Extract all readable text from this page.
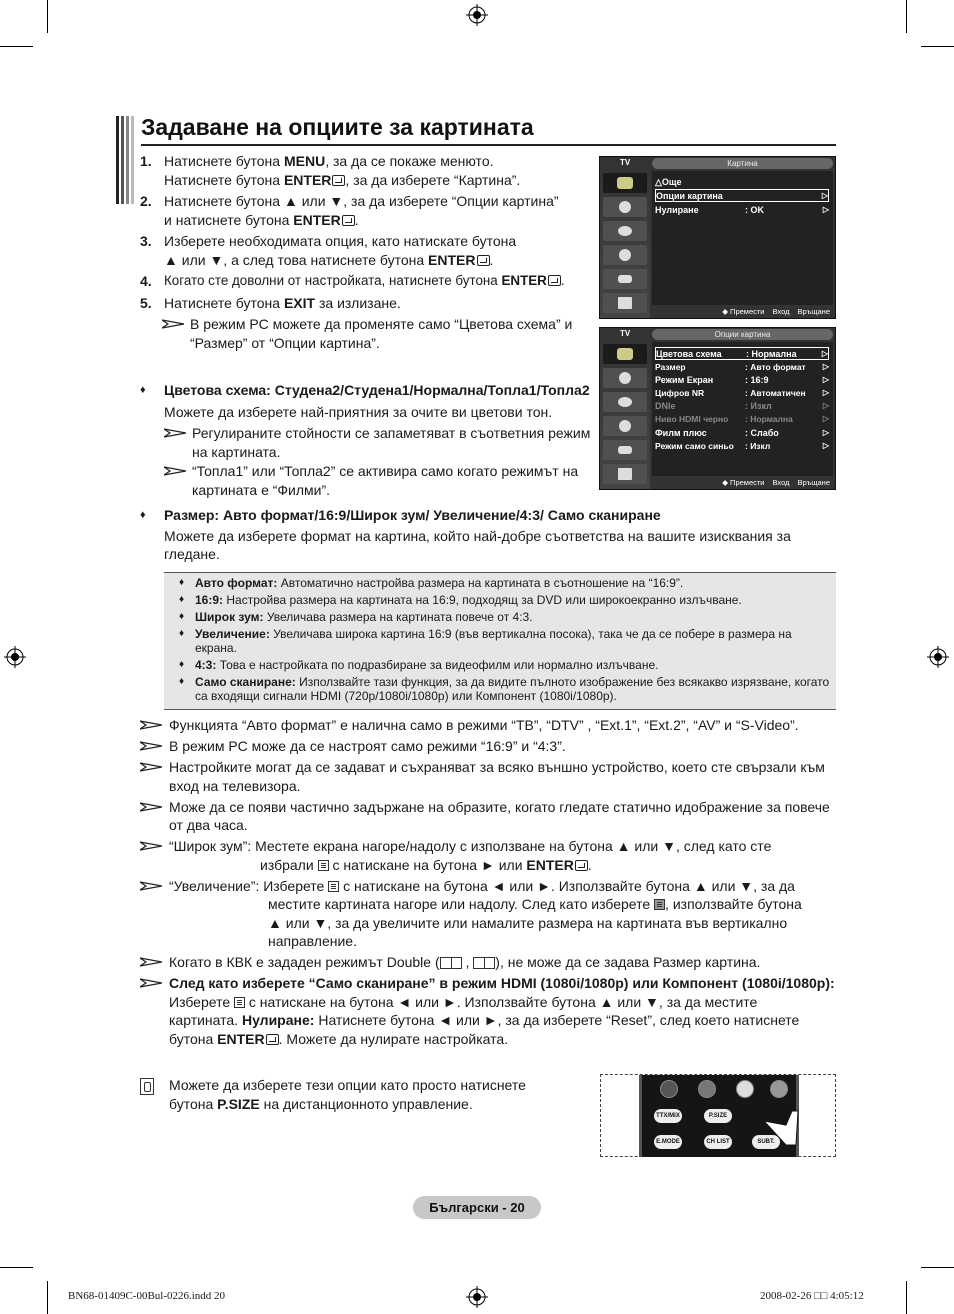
Задаване на опциите за картината
1. Натиснете бутона MENU, за да се покаже менюто.
Натиснете бутона ENTER , за да изберете “Картина”.
2. Натиснете бутона ▲ или ▼, за да изберете “Опции картина”
и натиснете бутона ENTER .
3. Изберете необходимата опция, като натискате бутона
▲ или ▼, а след това натиснете бутона ENTER .
4. Когато сте доволни от настройката, натиснете бутона ENTER .
5. Натиснете бутона EXIT за излизане.
В режим PC можете да променяте само “Цветова схема” и “Размер” от “Опции картина”.
♦	Цветова схема: Студена2/Студена1/Нормална/Топла1/Топла2
Можете да изберете най-приятния за очите ви цветови тон.
Регулираните стойности се запаметяват в съответния режим на картината.
“Топла1” или “Топла2” се активира само когато режимът на картината е “Филми”.
♦	Размер: Авто формат/16:9/Широк зум/ Увеличение/4:3/ Само сканиране
Можете да изберете формат на картина, който най-добре съответства на вашите изисквания за гледане.
♦ Авто формат: Автоматично настройва размера на картината в съотношение на “16:9”.
♦ 16:9: Настройва размера на картината на 16:9, подходящ за DVD или широкоекранно излъчване.
♦ Широк зум: Увеличава размера на картината повече от 4:3.
♦ Увеличение: Увеличава широка картина 16:9 (във вертикална посока), така че да се побере в размера на екрана.
♦ 4:3: Това е настройката по подразбиране за видеофилм или нормално излъчване.
♦ Само сканиране: Използвайте тази функция, за да видите пълното изображение без всякакво изрязване, когато са входящи сигнали HDMI (720p/1080i/1080p) или Компонент (1080i/1080p).
Функцията “Авто формат” е налична само в режими “ТВ”, “DTV” , “Ext.1”, “Ext.2”, “AV” и “S-Video”.
В режим PC може да се настроят само режими “16:9” и “4:3”.
Настройките могат да се задават и съхраняват за всяко външно устройство, което сте свързали към вход на телевизора.
Може да се появи частично задържане на образите, когато гледате статично идображение за повече от два часа.
“Широк зум”: Местете екрана нагоре/надолу с използване на бутона ▲ или ▼, след като сте
избрали  с натискане на бутона ► или ENTER .
“Увеличение”: Изберете  с натискане на бутона ◄ или ►. Използвайте бутона ▲ или ▼, за да
местите картината нагоре или надолу. След като изберете , използвайте бутона
▲ или ▼, за да увеличите или намалите размера на картината във вертикално
направление.
Когато в КВК е зададен режимът Double ( , ), не може да се задава Размер картина.
След като изберете “Само сканиране” в режим HDMI (1080i/1080p) или Компонент (1080i/1080p):
Изберете  с натискане на бутона ◄ или ►. Използвайте бутона ▲ или ▼, за да местите
картината. Нулиране: Натиснете бутона ◄ или ►, за да изберете “Reset”, след което натиснете
бутона ENTER . Можете да нулирате настройката.
Можете да изберете тези опции като просто натиснете бутона P.SIZE на дистанционното управление.
TV	Картина
△Още
Опции картина	▷
Нулиране	: OK	▷
◆ Премести Вход Връщане
TV	Опции картина
Цветова схема	: Нормална	▷
Размер	: Авто формат	▷
Режим Екран	: 16:9	▷
Цифров NR	: Автоматичен	▷
DNIe	: Изкл	▷
Ниво HDMI черно	: Нормална	▷
Филм плюс	: Слабо	▷
Режим само синьо	: Изкл	▷
◆ Премести Вход Връщане
TTX/MIX	P.SIZE
E.MODE	CH LIST	SUBT.
Български - 20
BN68-01409C-00Bul-0226.indd 20	2008-02-26 □□ 4:05:12
